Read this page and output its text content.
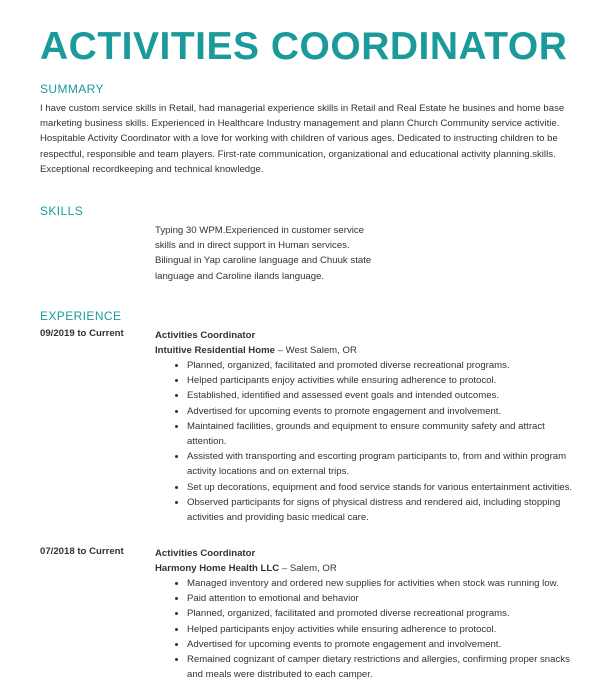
ACTIVITIES COORDINATOR
SUMMARY

I have custom service skills in Retail, had managerial experience skills in Retail and Real Estate he busines and home base marketing business skills. Experienced in Healthcare Industry management and plann Church Community service activitie.

Hospitable Activity Coordinator with a love for working with children of various ages. Dedicated to instructing children to be respectful, responsible and team players. First-rate communication, organizational and educational activity planning.skills. Exceptional recordkeeping and technical knowledge.

SKILLS
Typing 30 WPM.Experienced in customer service skills and in direct support in Human services. Bilingual in Yap caroline language and Chuuk state language and Caroline ilands language.
EXPERIENCE
09/2019 to Current	Activities Coordinator
Intuitive Residential Home – West Salem, OR
• Planned, organized, facilitated and promoted diverse recreational programs.
• Helped participants enjoy activities while ensuring adherence to protocol.
• Established, identified and assessed event goals and intended outcomes.
• Advertised for upcoming events to promote engagement and involvement.
• Maintained facilities, grounds and equipment to ensure community safety and attract attention.
• Assisted with transporting and escorting program participants to, from and within program activity locations and on external trips.
• Set up decorations, equipment and food service stands for various entertainment activities.
• Observed participants for signs of physical distress and rendered aid, including stopping activities and providing basic medical care.
07/2018 to Current	Activities Coordinator
Harmony Home Health LLC – Salem, OR
• Managed inventory and ordered new supplies for activities when stock was running low.
• Paid attention to emotional and behavior
• Planned, organized, facilitated and promoted diverse recreational programs.
• Helped participants enjoy activities while ensuring adherence to protocol.
• Advertised for upcoming events to promote engagement and involvement.
• Remained cognizant of camper dietary restrictions and allergies, confirming proper snacks and meals were distributed to each camper.
